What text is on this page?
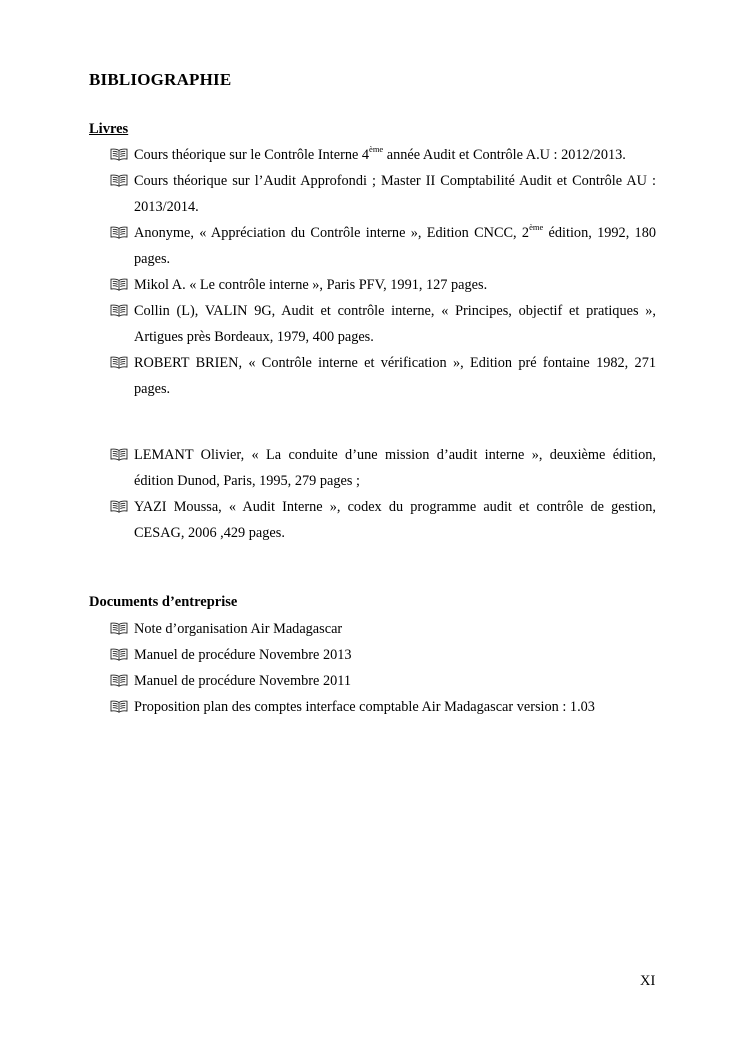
BIBLIOGRAPHIE

Livres

Cours théorique sur le Contrôle Interne 4ème année Audit et Contrôle A.U : 2012/2013.
Cours théorique sur l’Audit Approfondi ; Master II Comptabilité Audit et Contrôle AU : 2013/2014.
Anonyme, « Appréciation du Contrôle interne », Edition CNCC, 2ème édition, 1992, 180 pages.
Mikol A. « Le contrôle interne », Paris PFV, 1991, 127 pages.
Collin (L), VALIN 9G, Audit et contrôle interne, « Principes, objectif et pratiques », Artigues près Bordeaux, 1979, 400 pages.
ROBERT BRIEN, « Contrôle interne et vérification », Edition pré fontaine 1982, 271 pages.
LEMANT Olivier, « La conduite d’une mission d’audit interne », deuxième édition, édition Dunod, Paris, 1995, 279 pages ;
YAZI Moussa, « Audit Interne », codex du programme audit et contrôle de gestion, CESAG, 2006 ,429 pages.

Documents d’entreprise

Note d’organisation Air Madagascar
Manuel de procédure Novembre 2013
Manuel de procédure Novembre 2011
Proposition plan des comptes interface comptable Air Madagascar version : 1.03
XI
